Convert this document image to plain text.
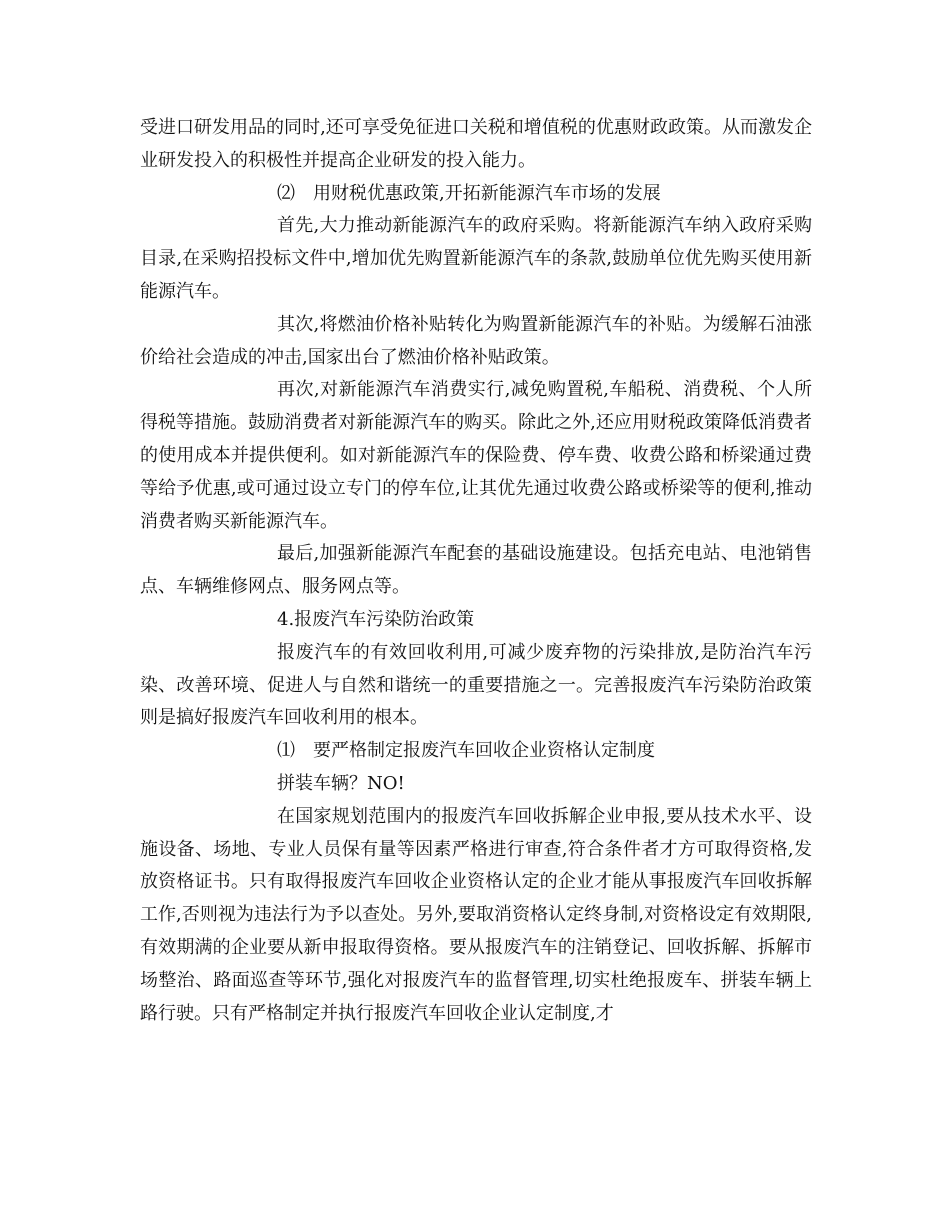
受进口研发用品的同时,还可享受免征进口关税和增值税的优惠财政政策。从而激发企业研发投入的积极性并提高企业研发的投入能力。

⑵　用财税优惠政策,开拓新能源汽车市场的发展

首先,大力推动新能源汽车的政府采购。将新能源汽车纳入政府采购目录,在采购招投标文件中,增加优先购置新能源汽车的条款,鼓励单位优先购买使用新能源汽车。

其次,将燃油价格补贴转化为购置新能源汽车的补贴。为缓解石油涨价给社会造成的冲击,国家出台了燃油价格补贴政策。

再次,对新能源汽车消费实行,减免购置税,车船税、消费税、个人所得税等措施。鼓励消费者对新能源汽车的购买。除此之外,还应用财税政策降低消费者的使用成本并提供便利。如对新能源汽车的保险费、停车费、收费公路和桥梁通过费等给予优惠,或可通过设立专门的停车位,让其优先通过收费公路或桥梁等的便利,推动消费者购买新能源汽车。

最后,加强新能源汽车配套的基础设施建设。包括充电站、电池销售点、车辆维修网点、服务网点等。

4.报废汽车污染防治政策

报废汽车的有效回收利用,可减少废弃物的污染排放,是防治汽车污染、改善环境、促进人与自然和谐统一的重要措施之一。完善报废汽车污染防治政策则是搞好报废汽车回收利用的根本。

⑴　要严格制定报废汽车回收企业资格认定制度

拼装车辆？NO!

在国家规划范围内的报废汽车回收拆解企业申报,要从技术水平、设施设备、场地、专业人员保有量等因素严格进行审查,符合条件者才方可取得资格,发放资格证书。只有取得报废汽车回收企业资格认定的企业才能从事报废汽车回收拆解工作,否则视为违法行为予以查处。另外,要取消资格认定终身制,对资格设定有效期限,有效期满的企业要从新申报取得资格。要从报废汽车的注销登记、回收拆解、拆解市场整治、路面巡查等环节,强化对报废汽车的监督管理,切实杜绝报废车、拼装车辆上路行驶。只有严格制定并执行报废汽车回收企业认定制度,才
